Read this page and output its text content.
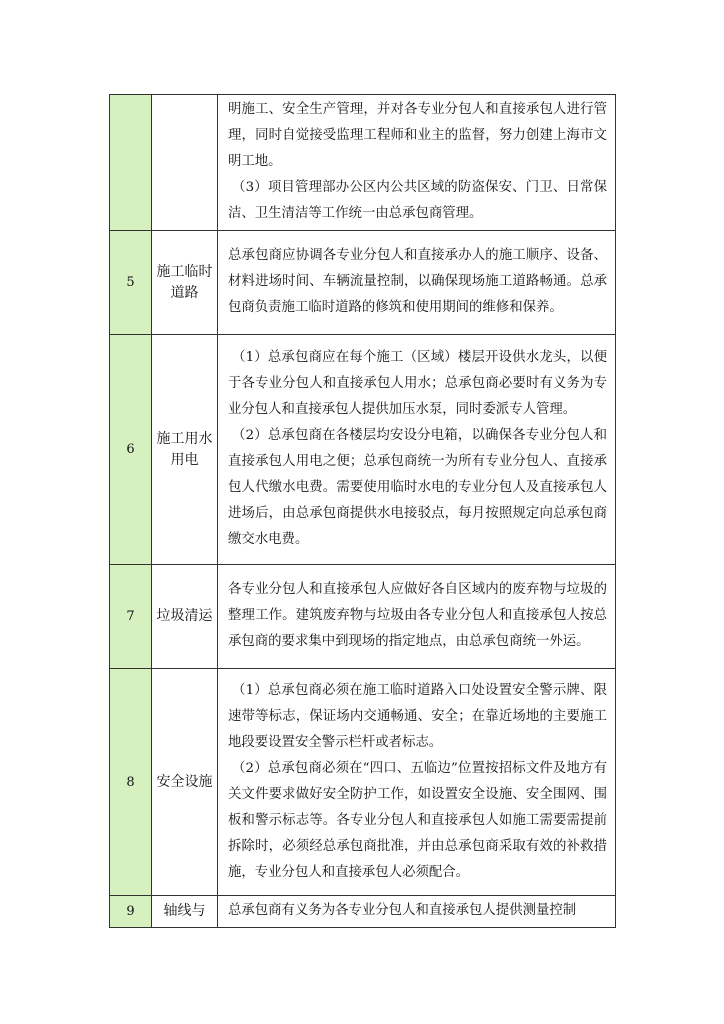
		明施工、安全生产管理，并对各专业分包人和直接承包人进行管理，同时自觉接受监理工程师和业主的监督，努力创建上海市文明工地。

（3）项目管理部办公区内公共区域的防盗保安、门卫、日常保洁、卫生清洁等工作统一由总承包商管理。

5	施工临时道路	总承包商应协调各专业分包人和直接承办人的施工顺序、设备、材料进场时间、车辆流量控制，以确保现场施工道路畅通。总承包商负责施工临时道路的修筑和使用期间的维修和保养。

6	施工用水用电	（1）总承包商应在每个施工（区域）楼层开设供水龙头，以便于各专业分包人和直接承包人用水；总承包商必要时有义务为专业分包人和直接承包人提供加压水泵，同时委派专人管理。

（2）总承包商在各楼层均安设分电箱，以确保各专业分包人和直接承包人用电之便；总承包商统一为所有专业分包人、直接承包人代缴水电费。需要使用临时水电的专业分包人及直接承包人进场后，由总承包商提供水电接驳点，每月按照规定向总承包商缴交水电费。

7	垃圾清运	各专业分包人和直接承包人应做好各自区域内的废弃物与垃圾的整理工作。建筑废弃物与垃圾由各专业分包人和直接承包人按总承包商的要求集中到现场的指定地点，由总承包商统一外运。

8	安全设施	（1）总承包商必须在施工临时道路入口处设置安全警示牌、限速带等标志，保证场内交通畅通、安全；在靠近场地的主要施工地段要设置安全警示栏杆或者标志。

（2）总承包商必须在“四口、五临边”位置按招标文件及地方有关文件要求做好安全防护工作，如设置安全设施、安全围网、围板和警示标志等。各专业分包人和直接承包人如施工需要需提前拆除时，必须经总承包商批准，并由总承包商采取有效的补救措施，专业分包人和直接承包人必须配合。

9	轴线与	总承包商有义务为各专业分包人和直接承包人提供测量控制
